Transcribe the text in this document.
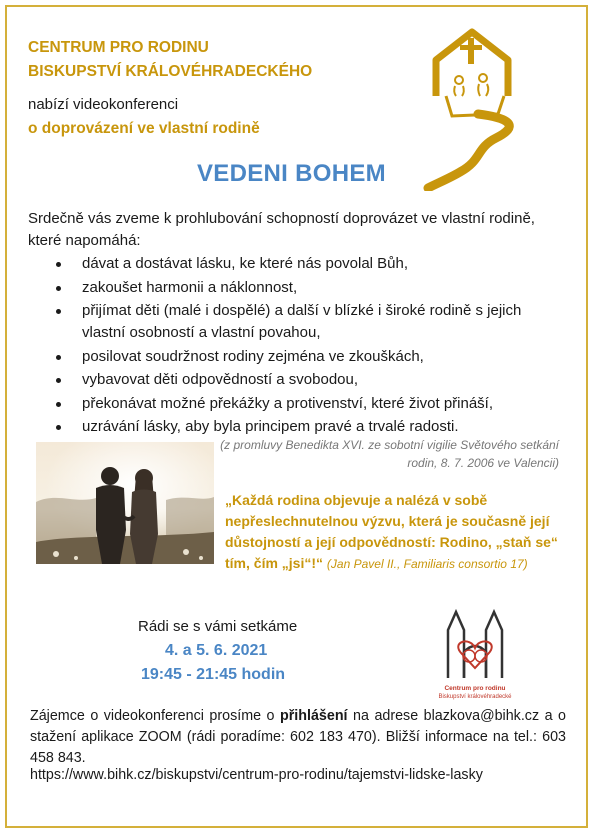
CENTRUM PRO RODINU
BISKUPSTVÍ KRÁLOVÉHRADECKÉHO
nabízí videokonferenci
o doprovázení ve vlastní rodině
VEDENI BOHEM
Srdečně vás zveme k prohlubování schopností doprovázet ve vlastní rodině, které napomáhá:
dávat a dostávat lásku, ke které nás povolal Bůh,
zakoušet harmonii a náklonnost,
přijímat děti (malé i dospělé) a další v blízké i široké rodině s jejich vlastní osobností a vlastní povahou,
posilovat soudržnost rodiny zejména ve zkouškách,
vybavovat děti odpovědností a svobodou,
překonávat možné překážky a protivenství, které život přináší,
uzrávání lásky, aby byla principem pravé a trvalé radosti.
(z promluvy Benedikta XVI. ze sobotní vigilie Světového setkání rodin, 8. 7. 2006 ve Valencii)
„Každá rodina objevuje a nalézá v sobě nepřeslechnutelnou výzvu, která je současně její důstojností a její odpovědností: Rodino, „staň se“ tím, čím „jsi“!“ (Jan Pavel II., Familiaris consortio 17)
Rádi se s vámi setkáme
4. a 5. 6. 2021
19:45 - 21:45 hodin
Centrum pro rodinu
Biskupství královéhradecké
Zájemce o videokonferenci prosíme o přihlášení na adrese blazkova@bihk.cz a o stažení aplikace ZOOM (rádi poradíme: 602 183 470). Bližší informace na tel.: 603 458 843.
https://www.bihk.cz/biskupstvi/centrum-pro-rodinu/tajemstvi-lidske-lasky
